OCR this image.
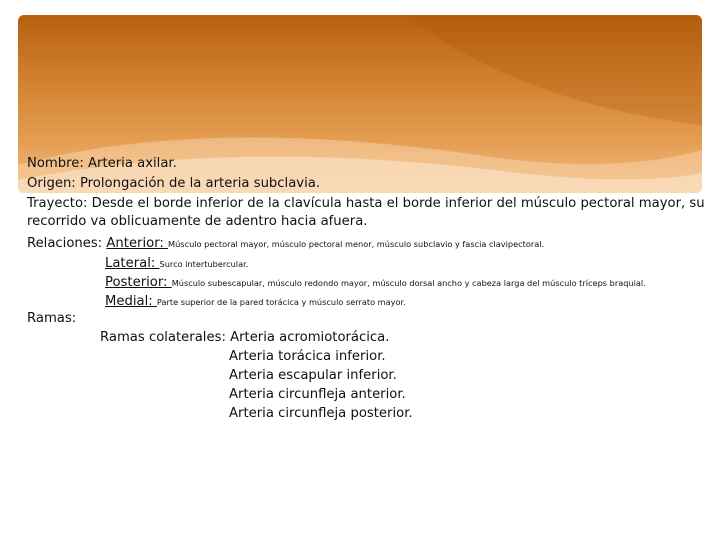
Nombre: Arteria axilar.
Origen: Prolongación de la arteria subclavia.
Trayecto: Desde el borde inferior de la clavícula hasta el borde inferior del músculo pectoral mayor, su
recorrido va oblicuamente de adentro hacia afuera.
Relaciones: Anterior: Músculo pectoral mayor, músculo pectoral menor, músculo subclavio y fascia clavipectoral.
Lateral: Surco intertubercular.
Posterior: Músculo subescapular, músculo redondo mayor, músculo dorsal ancho y cabeza larga del músculo tríceps braquial.
Medial: Parte superior de la pared torácica y músculo serrato mayor.
Ramas:
Ramas colaterales: Arteria acromiotorácica.
Arteria torácica inferior.
Arteria escapular inferior.
Arteria circunfleja anterior.
Arteria circunfleja posterior.
